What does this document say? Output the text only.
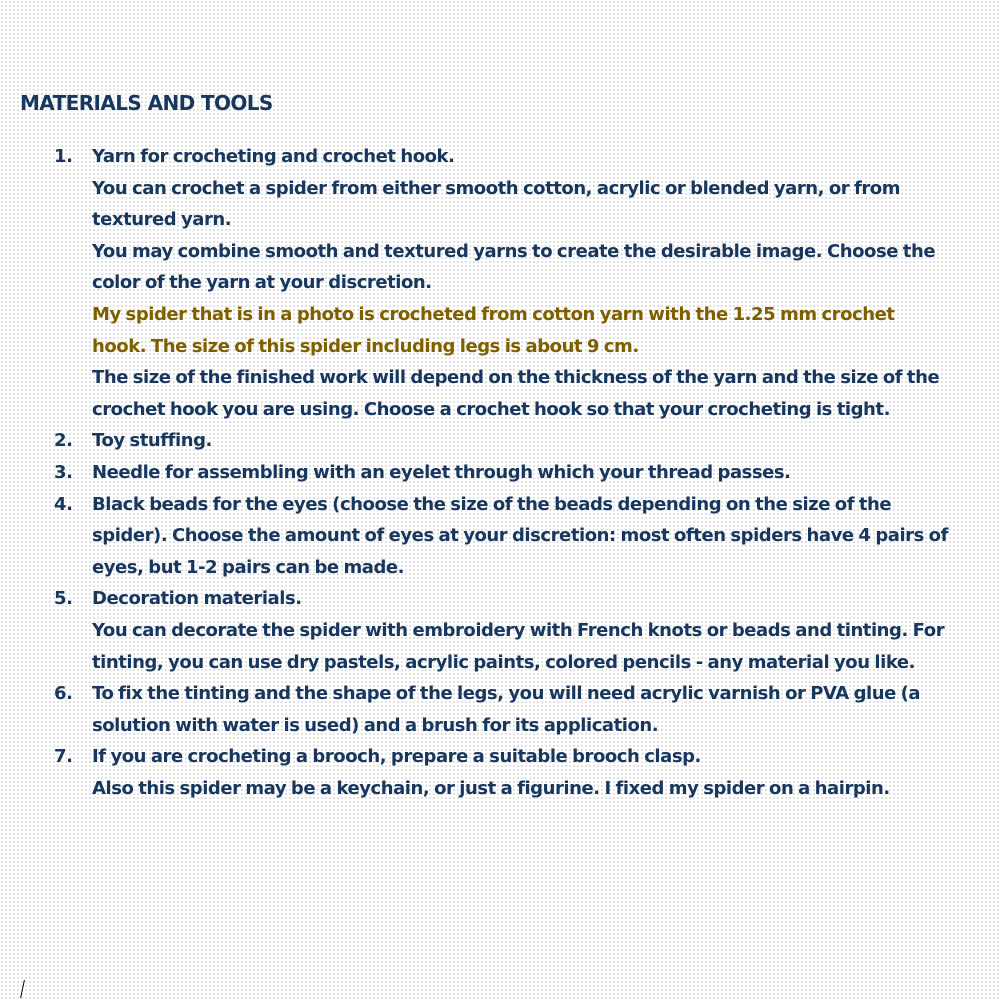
MATERIALS AND TOOLS
1.	Yarn for crocheting and crochet hook.
You can crochet a spider from either smooth cotton, acrylic or blended yarn, or from
textured yarn.
You may combine smooth and textured yarns to create the desirable image. Choose the
color of the yarn at your discretion.
My spider that is in a photo is crocheted from cotton yarn with the 1.25 mm crochet
hook. The size of this spider including legs is about 9 cm.
The size of the finished work will depend on the thickness of the yarn and the size of the
crochet hook you are using. Choose a crochet hook so that your crocheting is tight.
2.	Toy stuffing.
3.	Needle for assembling with an eyelet through which your thread passes.
4.	Black beads for the eyes (choose the size of the beads depending on the size of the
spider). Choose the amount of eyes at your discretion: most often spiders have 4 pairs of
eyes, but 1-2 pairs can be made.
5.	Decoration materials.
You can decorate the spider with embroidery with French knots or beads and tinting. For
tinting, you can use dry pastels, acrylic paints, colored pencils - any material you like.
6.	To fix the tinting and the shape of the legs, you will need acrylic varnish or PVA glue (a
solution with water is used) and a brush for its application.
7.	If you are crocheting a brooch, prepare a suitable brooch clasp.
Also this spider may be a keychain, or just a figurine. I fixed my spider on a hairpin.
